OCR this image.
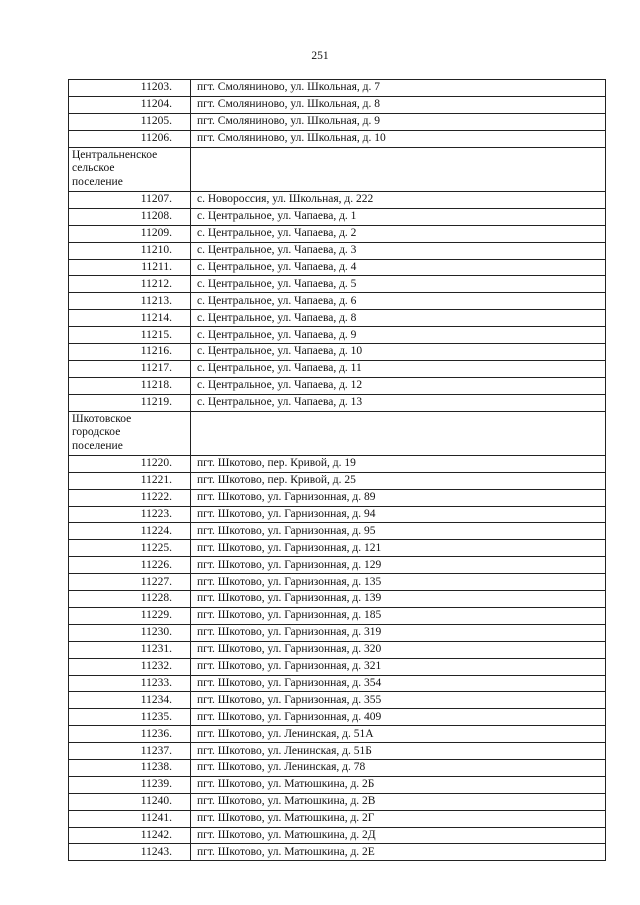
251
11203.	пгт. Смоляниново, ул. Школьная, д. 7
11204.	пгт. Смоляниново, ул. Школьная, д. 8
11205.	пгт. Смоляниново, ул. Школьная, д. 9
11206.	пгт. Смоляниново, ул. Школьная, д. 10

Центральненское
сельское
поселение	

11207.	с. Новороссия, ул. Школьная, д. 222
11208.	с. Центральное, ул. Чапаева, д. 1
11209.	с. Центральное, ул. Чапаева, д. 2
11210.	с. Центральное, ул. Чапаева, д. 3
11211.	с. Центральное, ул. Чапаева, д. 4
11212.	с. Центральное, ул. Чапаева, д. 5
11213.	с. Центральное, ул. Чапаева, д. 6
11214.	с. Центральное, ул. Чапаева, д. 8
11215.	с. Центральное, ул. Чапаева, д. 9
11216.	с. Центральное, ул. Чапаева, д. 10
11217.	с. Центральное, ул. Чапаева, д. 11
11218.	с. Центральное, ул. Чапаева, д. 12
11219.	с. Центральное, ул. Чапаева, д. 13

Шкотовское
городское
поселение	

11220.	пгт. Шкотово, пер. Кривой, д. 19
11221.	пгт. Шкотово, пер. Кривой, д. 25
11222.	пгт. Шкотово, ул. Гарнизонная, д. 89
11223.	пгт. Шкотово, ул. Гарнизонная, д. 94
11224.	пгт. Шкотово, ул. Гарнизонная, д. 95
11225.	пгт. Шкотово, ул. Гарнизонная, д. 121
11226.	пгт. Шкотово, ул. Гарнизонная, д. 129
11227.	пгт. Шкотово, ул. Гарнизонная, д. 135
11228.	пгт. Шкотово, ул. Гарнизонная, д. 139
11229.	пгт. Шкотово, ул. Гарнизонная, д. 185
11230.	пгт. Шкотово, ул. Гарнизонная, д. 319
11231.	пгт. Шкотово, ул. Гарнизонная, д. 320
11232.	пгт. Шкотово, ул. Гарнизонная, д. 321
11233.	пгт. Шкотово, ул. Гарнизонная, д. 354
11234.	пгт. Шкотово, ул. Гарнизонная, д. 355
11235.	пгт. Шкотово, ул. Гарнизонная, д. 409
11236.	пгт. Шкотово, ул. Ленинская, д. 51А
11237.	пгт. Шкотово, ул. Ленинская, д. 51Б
11238.	пгт. Шкотово, ул. Ленинская, д. 78
11239.	пгт. Шкотово, ул. Матюшкина, д. 2Б
11240.	пгт. Шкотово, ул. Матюшкина, д. 2В
11241.	пгт. Шкотово, ул. Матюшкина, д. 2Г
11242.	пгт. Шкотово, ул. Матюшкина, д. 2Д
11243.	пгт. Шкотово, ул. Матюшкина, д. 2Е
